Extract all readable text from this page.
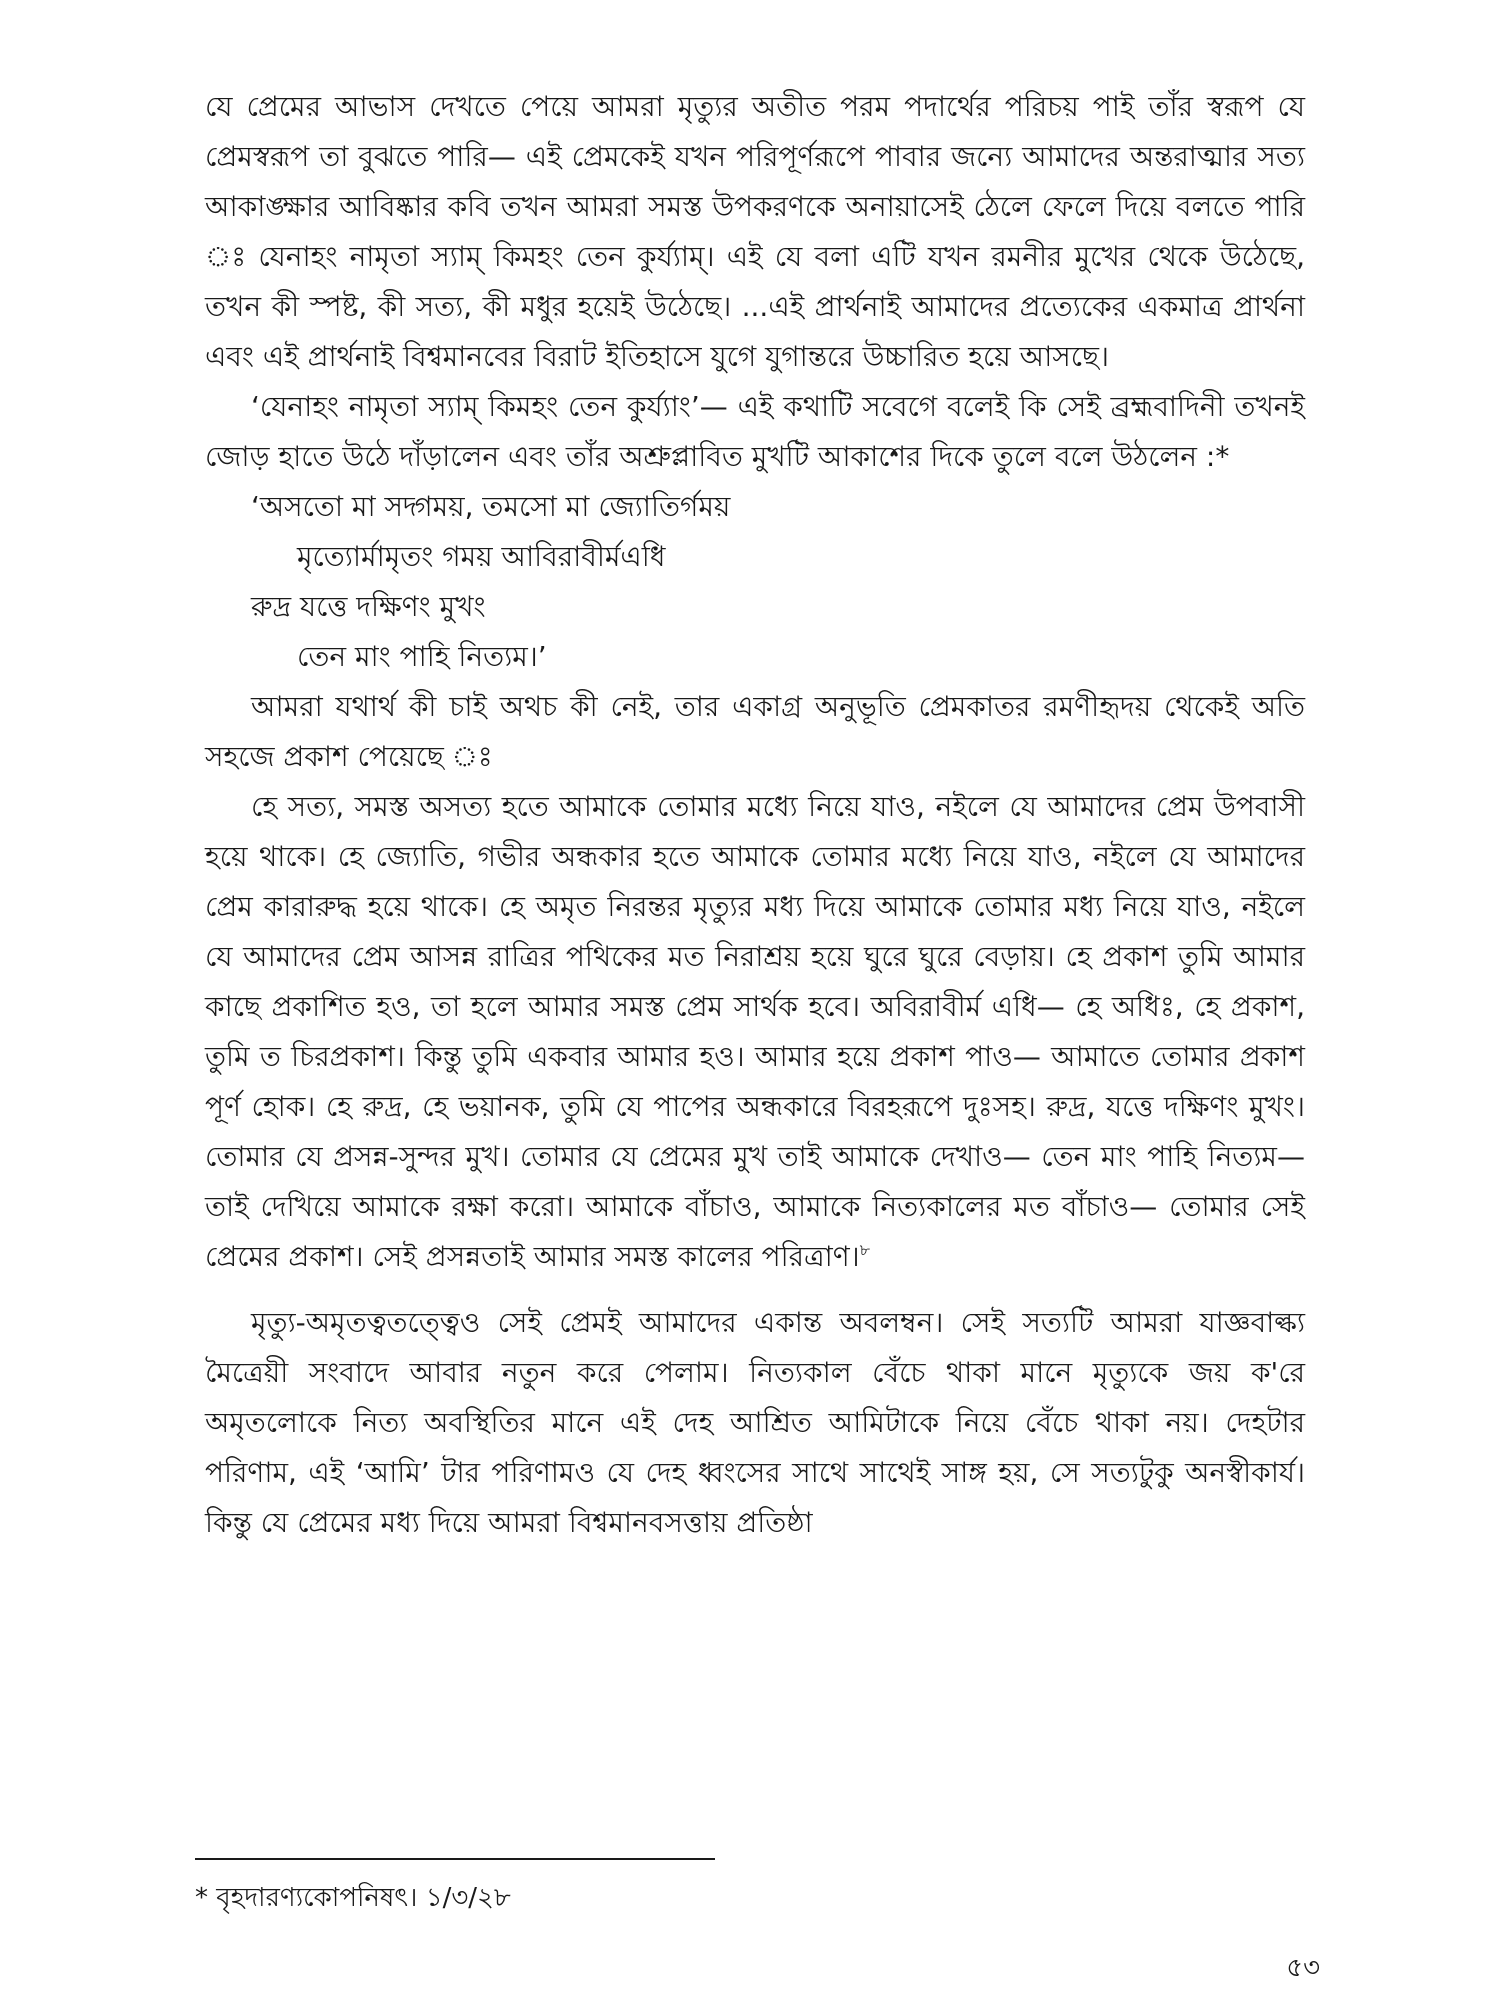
যে প্রেমের আভাস দেখতে পেয়ে আমরা মৃত্যুর অতীত পরম পদার্থের পরিচয় পাই তাঁর স্বরূপ যে প্রেমস্বরূপ তা বুঝতে পারি— এই প্রেমকেই যখন পরিপূর্ণরূপে পাবার জন্যে আমাদের অন্তরাত্মার সত্য আকাঙ্ক্ষার আবিষ্কার কবি তখন আমরা সমস্ত উপকরণকে অনায়াসেই ঠেলে ফেলে দিয়ে বলতে পারি ঃ যেনাহং নামৃতা স্যাম্ কিমহং তেন কুর্য্যাম্। এই যে বলা এটি যখন রমনীর মুখের থেকে উঠেছে, তখন কী স্পষ্ট, কী সত্য, কী মধুর হয়েই উঠেছে। ...এই প্রার্থনাই আমাদের প্রত্যেকের একমাত্র প্রার্থনা এবং এই প্রার্থনাই বিশ্বমানবের বিরাট ইতিহাসে যুগে যুগান্তরে উচ্চারিত হয়ে আসছে।

‘যেনাহং নামৃতা স্যাম্ কিমহং তেন কুর্য্যাং’— এই কথাটি সবেগে বলেই কি সেই ব্রহ্মবাদিনী তখনই জোড় হাতে উঠে দাঁড়ালেন এবং তাঁর অশ্রুপ্লাবিত মুখটি আকাশের দিকে তুলে বলে উঠলেন :*

‘অসতো মা সদ্গময়, তমসো মা জ্যোতির্গময়
মৃত্যোর্মামৃতং গময় আবিরাবীর্মএধি
রুদ্র যত্তে দক্ষিণং মুখং
তেন মাং পাহি নিত্যম।’

আমরা যথার্থ কী চাই অথচ কী নেই, তার একাগ্র অনুভূতি প্রেমকাতর রমণীহৃদয় থেকেই অতি সহজে প্রকাশ পেয়েছে ঃ

হে সত্য, সমস্ত অসত্য হতে আমাকে তোমার মধ্যে নিয়ে যাও, নইলে যে আমাদের প্রেম উপবাসী হয়ে থাকে। হে জ্যোতি, গভীর অন্ধকার হতে আমাকে তোমার মধ্যে নিয়ে যাও, নইলে যে আমাদের প্রেম কারারুদ্ধ হয়ে থাকে। হে অমৃত নিরন্তর মৃত্যুর মধ্য দিয়ে আমাকে তোমার মধ্য নিয়ে যাও, নইলে যে আমাদের প্রেম আসন্ন রাত্রির পথিকের মত নিরাশ্রয় হয়ে ঘুরে ঘুরে বেড়ায়। হে প্রকাশ তুমি আমার কাছে প্রকাশিত হও, তা হলে আমার সমস্ত প্রেম সার্থক হবে। অবিরাবীর্ম এধি— হে অধিঃ, হে প্রকাশ, তুমি ত চিরপ্রকাশ। কিন্তু তুমি একবার আমার হও। আমার হয়ে প্রকাশ পাও— আমাতে তোমার প্রকাশ পূর্ণ হোক। হে রুদ্র, হে ভয়ানক, তুমি যে পাপের অন্ধকারে বিরহরূপে দুঃসহ। রুদ্র, যত্তে দক্ষিণং মুখং। তোমার যে প্রসন্ন-সুন্দর মুখ। তোমার যে প্রেমের মুখ তাই আমাকে দেখাও— তেন মাং পাহি নিত্যম— তাই দেখিয়ে আমাকে রক্ষা করো। আমাকে বাঁচাও, আমাকে নিত্যকালের মত বাঁচাও— তোমার সেই প্রেমের প্রকাশ। সেই প্রসন্নতাই আমার সমস্ত কালের পরিত্রাণ।$^৮$

মৃত্যু-অমৃতত্বতত্ত্বেও সেই প্রেমই আমাদের একান্ত অবলম্বন। সেই সত্যটি আমরা যাজ্ঞবাল্ক্য মৈত্রেয়ী সংবাদে আবার নতুন করে পেলাম। নিত্যকাল বেঁচে থাকা মানে মৃত্যুকে জয় ক'রে অমৃতলোকে নিত্য অবস্থিতির মানে এই দেহ আশ্রিত আমিটাকে নিয়ে বেঁচে থাকা নয়। দেহটার পরিণাম, এই ‘আমি’ টার পরিণামও যে দেহ ধ্বংসের সাথে সাথেই সাঙ্গ হয়, সে সত্যটুকু অনস্বীকার্য। কিন্তু যে প্রেমের মধ্য দিয়ে আমরা বিশ্বমানবসত্তায় প্রতিষ্ঠা

* বৃহদারণ্যকোপনিষৎ। ১/৩/২৮
৫৩
